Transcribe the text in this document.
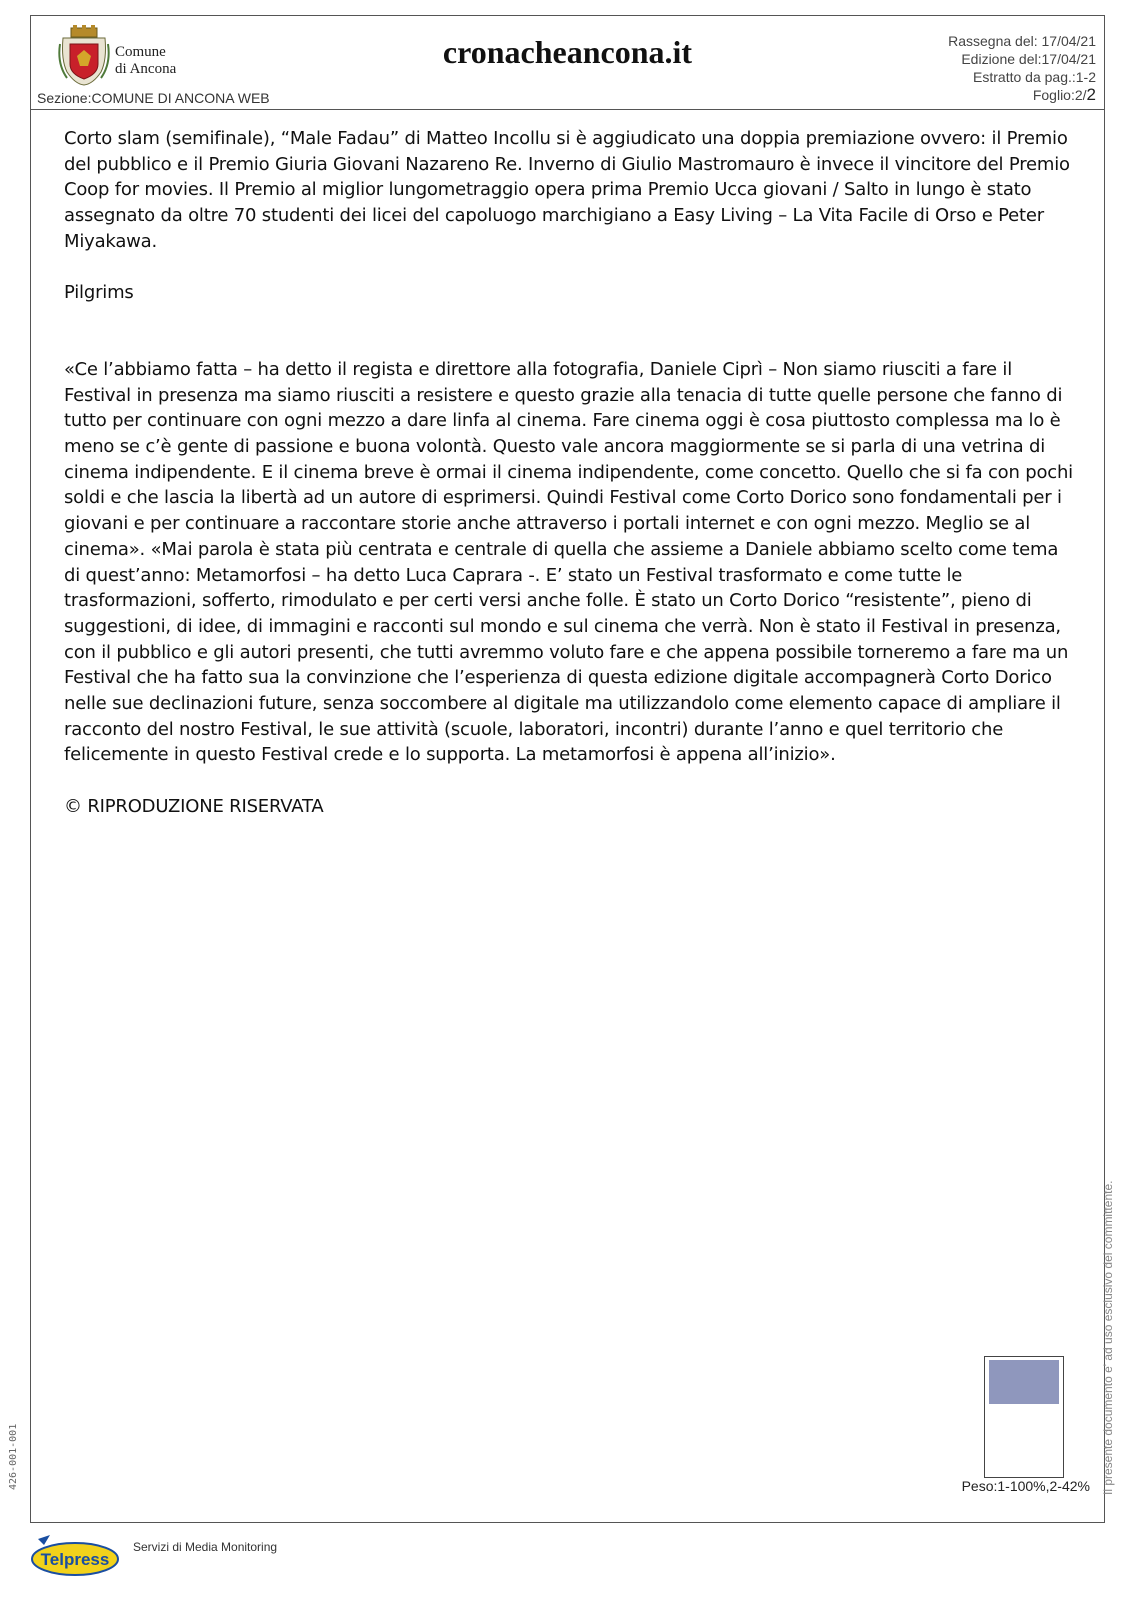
Comune
di Ancona	cronacheancona.it
Sezione:COMUNE DI ANCONA WEB
Rassegna del: 17/04/21
Edizione del:17/04/21
Estratto da pag.:1-2
Foglio:2/2

Corto slam (semifinale), “Male Fadau” di Matteo Incollu si è aggiudicato una doppia premiazione ovvero: il Premio del pubblico e il Premio Giuria Giovani Nazareno Re. Inverno di Giulio Mastromauro è invece il vincitore del Premio Coop for movies. Il Premio al miglior lungometraggio opera prima Premio Ucca giovani / Salto in lungo è stato assegnato da oltre 70 studenti dei licei del capoluogo marchigiano a Easy Living – La Vita Facile di Orso e Peter Miyakawa.

Pilgrims

«Ce l’abbiamo fatta – ha detto il regista e direttore alla fotografia, Daniele Ciprì – Non siamo riusciti a fare il Festival in presenza ma siamo riusciti a resistere e questo grazie alla tenacia di tutte quelle persone che fanno di tutto per continuare con ogni mezzo a dare linfa al cinema. Fare cinema oggi è cosa piuttosto complessa ma lo è meno se c’è gente di passione e buona volontà. Questo vale ancora maggiormente se si parla di una vetrina di cinema indipendente. E il cinema breve è ormai il cinema indipendente, come concetto. Quello che si fa con pochi soldi e che lascia la libertà ad un autore di esprimersi. Quindi Festival come Corto Dorico sono fondamentali per i giovani e per continuare a raccontare storie anche attraverso i portali internet e con ogni mezzo. Meglio se al cinema». «Mai parola è stata più centrata e centrale di quella che assieme a Daniele abbiamo scelto come tema di quest’anno: Metamorfosi – ha detto Luca Caprara -. E’ stato un Festival trasformato e come tutte le trasformazioni, sofferto, rimodulato e per certi versi anche folle. È stato un Corto Dorico “resistente”, pieno di suggestioni, di idee, di immagini e racconti sul mondo e sul cinema che verrà. Non è stato il Festival in presenza, con il pubblico e gli autori presenti, che tutti avremmo voluto fare e che appena possibile torneremo a fare ma un Festival che ha fatto sua la convinzione che l’esperienza di questa edizione digitale accompagnerà Corto Dorico nelle sue declinazioni future, senza soccombere al digitale ma utilizzandolo come elemento capace di ampliare il racconto del nostro Festival, le sue attività (scuole, laboratori, incontri) durante l’anno e quel territorio che felicemente in questo Festival crede e lo supporta. La metamorfosi è appena all’inizio».

© RIPRODUZIONE RISERVATA

Peso:1-100%,2-42% Il presente documento e' ad uso esclusivo del committente.
426-001-001
Telpress
Servizi di Media Monitoring
